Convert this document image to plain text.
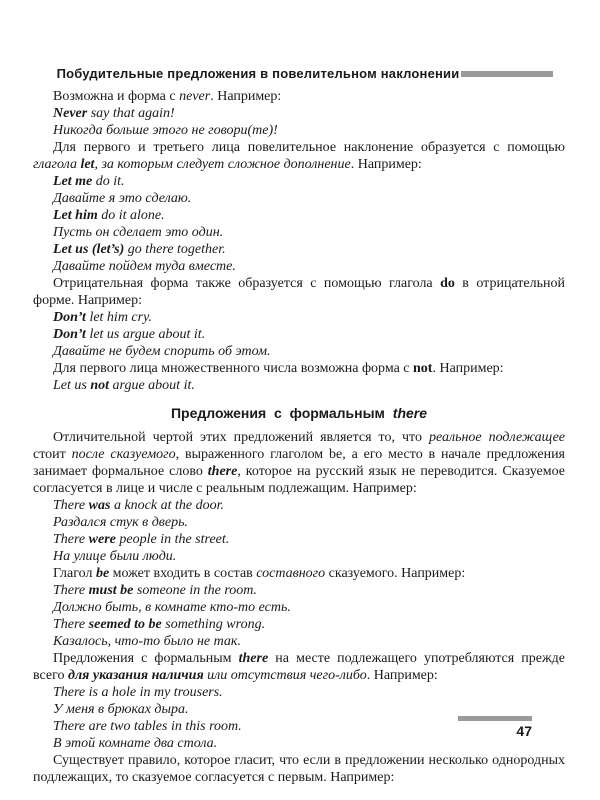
Побудительные предложения в повелительном наклонении

Возможна и форма с never. Например:

Never say that again!

Никогда больше этого не говори(те)!

Для первого и третьего лица повелительное наклонение образуется с помощью глагола let, за которым следует сложное дополнение. Например:

Let me do it.

Давайте я это сделаю.

Let him do it alone.

Пусть он сделает это один.

Let us (let’s) go there together.

Давайте пойдем туда вместе.

Отрицательная форма также образуется с помощью глагола do в отрицательной форме. Например:

Don’t let him cry.

Don’t let us argue about it.

Давайте не будем спорить об этом.

Для первого лица множественного числа возможна форма с not. Например:

Let us not argue about it.

Предложения с формальным there

Отличительной чертой этих предложений является то, что реальное подлежащее стоит после сказуемого, выраженного глаголом be, а его место в начале предложения занимает формальное слово there, которое на русский язык не переводится. Сказуемое согласуется в лице и числе с реальным подлежащим. Например:

There was a knock at the door.

Раздался стук в дверь.

There were people in the street.

На улице были люди.

Глагол be может входить в состав составного сказуемого. Например:

There must be someone in the room.

Должно быть, в комнате кто-то есть.

There seemed to be something wrong.

Казалось, что-то было не так.

Предложения с формальным there на месте подлежащего употребляются прежде всего для указания наличия или отсутствия чего-либо. Например:

There is a hole in my trousers.

У меня в брюках дыра.

There are two tables in this room.

В этой комнате два стола.

Существует правило, которое гласит, что если в предложении несколько однородных подлежащих, то сказуемое согласуется с первым. Например:

47
